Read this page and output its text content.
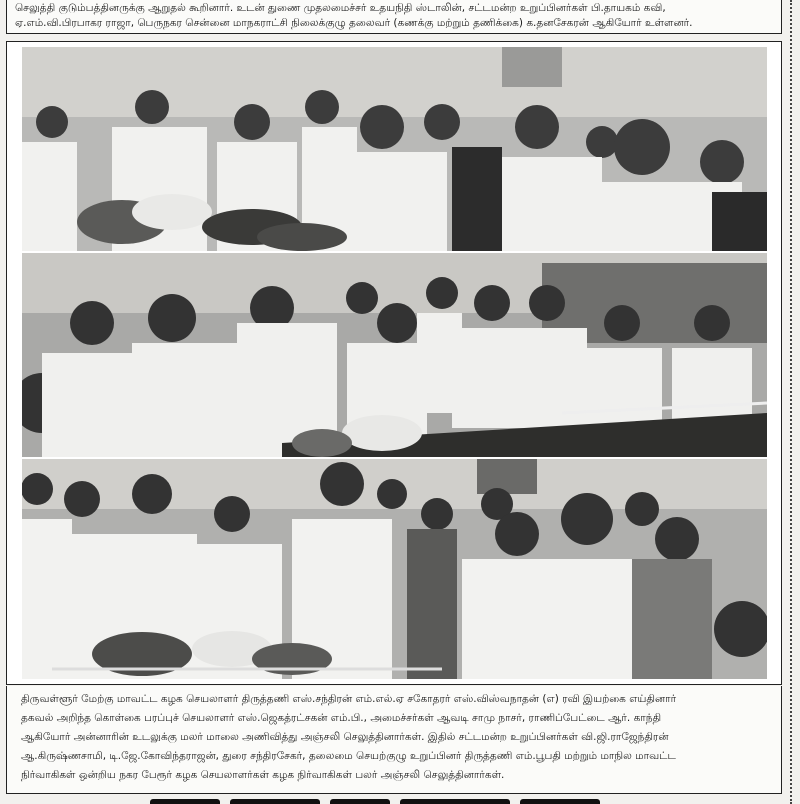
செலுத்தி குடும்பத்தினருக்கு ஆறுதல் கூறினார். உடன் துணை முதலமைச்சர் உதயநிதி ஸ்டாலின், சட்டமன்ற உறுப்பினர்கள் பி.தாயகம் கவி,
ஏ.எம்.வி.பிரபாகர ராஜா, பெருநகர சென்னை மாநகராட்சி நிலைக்குழு தலைவர் (கணக்கு மற்றும் தணிக்கை) க.தனசேகரன் ஆகியோர் உள்ளனர்.
திருவள்ளூர் மேற்கு மாவட்ட கழக செயலாளர் திருத்தணி எஸ்.சந்திரன் எம்.எல்.ஏ சகோதரர் எஸ்.விஸ்வநாதன் (எ) ரவி இயற்கை எய்தினார்
தகவல் அறிந்த கொள்கை பரப்புச் செயலாளர் எஸ்.ஜெகத்ரட்சகன் எம்.பி., அமைச்சர்கள் ஆவடி சாமு நாசர், ராணிப்பேட்டை ஆர். காந்தி
ஆகியோர் அன்னாரின் உடலுக்கு மலர் மாலை அணிவித்து அஞ்சலி செலுத்தினார்கள். இதில் சட்டமன்ற உறுப்பினர்கள் வி.ஜி.ராஜேந்திரன்
ஆ.கிருஷ்ணசாமி, டி.ஜே.கோவிந்தராஜன், துரை சந்திரசேகர், தலைமை செயற்குழு உறுப்பினர் திருத்தணி எம்.பூபதி மற்றும் மாநில மாவட்ட
நிர்வாகிகள் ஒன்றிய நகர பேரூர் கழக செயலாளர்கள் கழக நிர்வாகிகள் பலர் அஞ்சலி செலுத்தினார்கள்.
